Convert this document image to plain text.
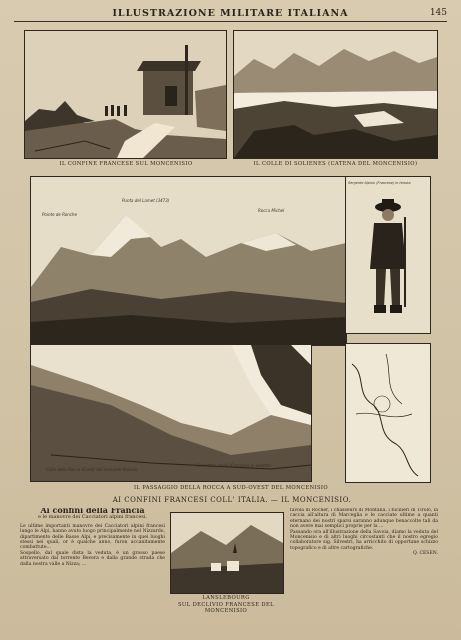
ILLUSTRAZIONE MILITARE ITALIANA	145
IL CONFINE FRANCESE SUL MONCENISIO	IL COLLE DI SOLIENES (CATENA DEL MONCENISIO)
Pointe de Ronche
Punta del Lamet (3473)
Rocca Michel
Sergente Alpino (Francese) in tenuta
Colle della Rocca (Crest) dal versante Italiano
Cacciatori alpini (Francesi) in vedetta
IL PASSAGGIO DELLA ROCCA A SUD-OVEST DEL MONCENISIO
AI CONFINI FRANCESI COLL' ITALIA. — IL MONCENISIO.
Ai confini della Francia
e le manovre dei Cacciatori alpini francesi.

Le ultime importanti manovre dei Cacciatori alpini francesi lungo le Alpi, hanno avuto luogo principalmente nel Nizzardo, dipartimento delle Basse Alpi, e precisamente in quei luoghi stessi nei quali, or è qualche anno, furon accanitamente combattute...

Sospello, dal quale dista la veduta, è un grosso paese attraversato dal torrente Bevera e dalla grande strada che dalla nostra valle a Nizza; ...

LANSLEBOURG
SUL DECLIVIO FRANCESE DEL MONCENISIO

favola di Rocher, i chasseurs di Montana, i fucilieri di Tirolo, la caccia all'altura di Marceglia e le cacciate ultime a quanti eternano dei nostri sparsi saranno adunque benaccolte tali da non avere mai semplici proprie per la ...

Passando ora all'illustrazione della Savoia, diamo la veduta del Moncenisio e di altri luoghi circostanti che il nostro egregio collaboratore sig. Silvestri, ha arricchito di opportune schizzo topografico e di altre cartografiche.

Q. CESEN.
